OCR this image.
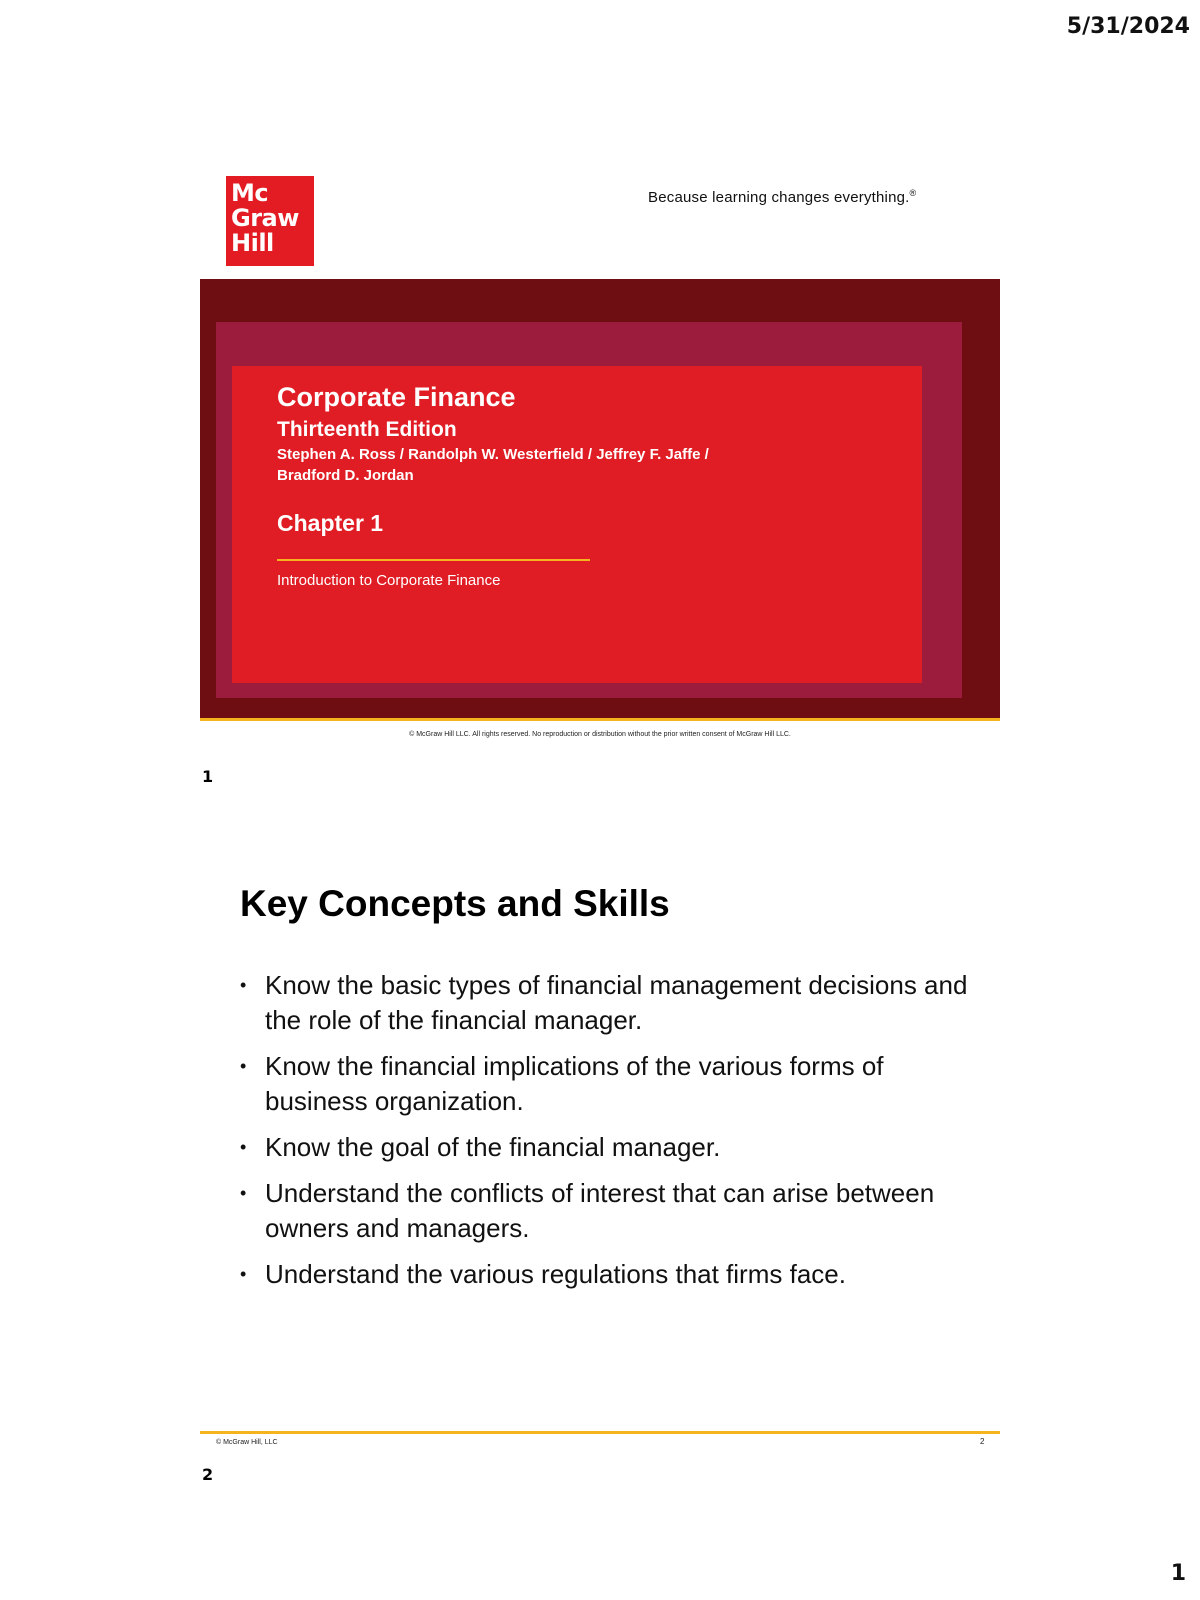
5/31/2024
1
Mc
Graw
Hill
Because learning changes everything.®
Corporate Finance
Thirteenth Edition
Stephen A. Ross / Randolph W. Westerfield / Jeffrey F. Jaffe /
Bradford D. Jordan
Chapter 1
Introduction to Corporate Finance
© McGraw Hill LLC. All rights reserved. No reproduction or distribution without the prior written consent of McGraw Hill LLC.
1
Key Concepts and Skills
• Know the basic types of financial management decisions and the role of the financial manager.
• Know the financial implications of the various forms of business organization.
• Know the goal of the financial manager.
• Understand the conflicts of interest that can arise between owners and managers.
• Understand the various regulations that firms face.
© McGraw Hill, LLC	2
2
